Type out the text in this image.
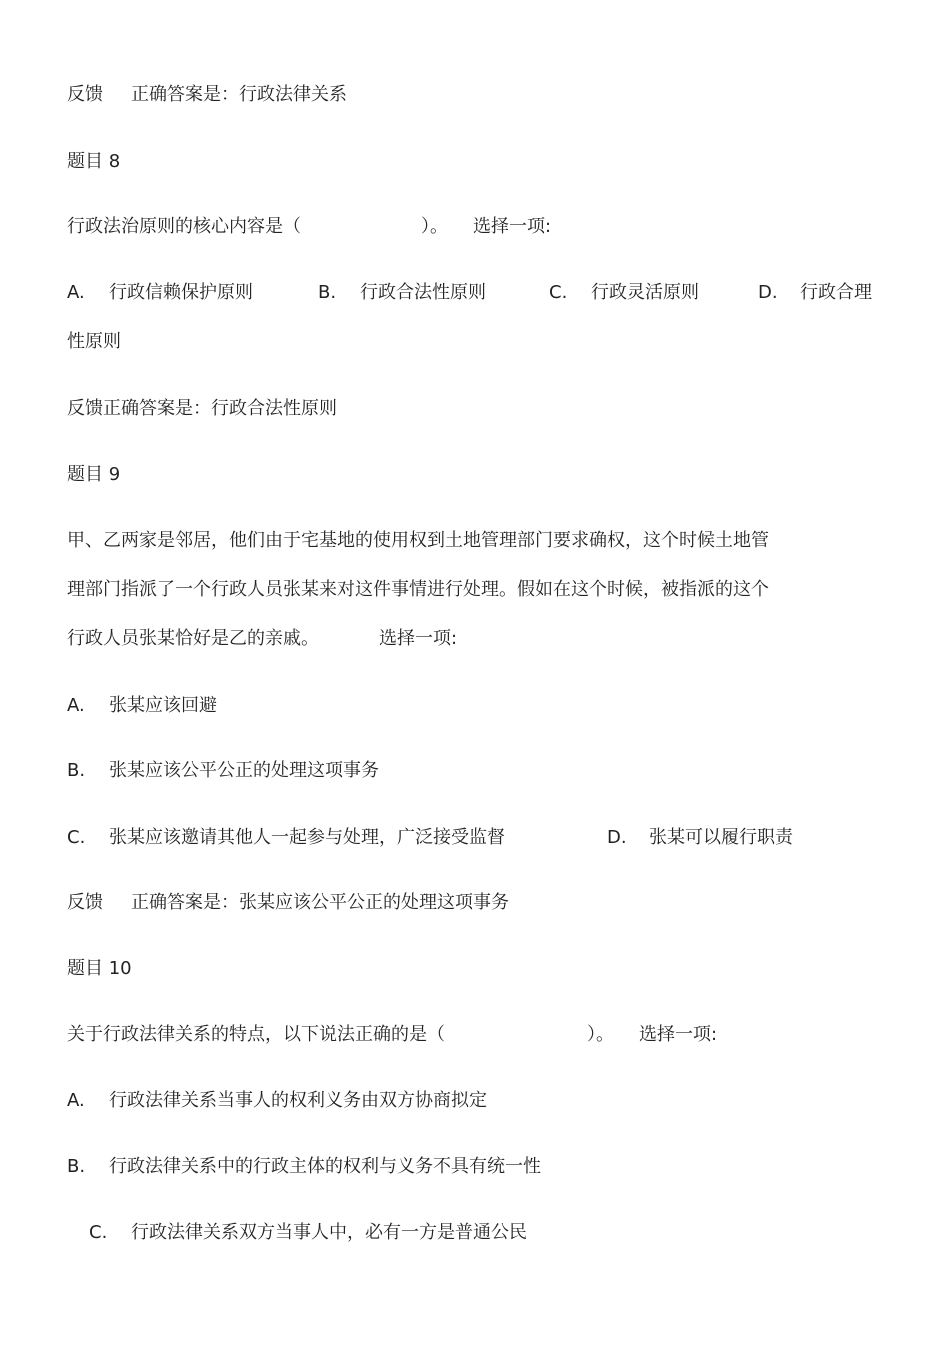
反馈 正确答案是：行政法律关系
题目 8
行政法治原则的核心内容是（	）。 选择一项:
A. 行政信赖保护原则	B. 行政合法性原则	C. 行政灵活原则	D. 行政合理
性原则
反馈正确答案是：行政合法性原则
题目 9
甲、乙两家是邻居，他们由于宅基地的使用权到土地管理部门要求确权，这个时候土地管
理部门指派了一个行政人员张某来对这件事情进行处理。假如在这个时候，被指派的这个
行政人员张某恰好是乙的亲戚。	选择一项:
A. 张某应该回避
B. 张某应该公平公正的处理这项事务
C. 张某应该邀请其他人一起参与处理，广泛接受监督	D. 张某可以履行职责
反馈 正确答案是：张某应该公平公正的处理这项事务
题目 10
关于行政法律关系的特点，以下说法正确的是（	）。 选择一项:
A. 行政法律关系当事人的权利义务由双方协商拟定
B. 行政法律关系中的行政主体的权利与义务不具有统一性
C. 行政法律关系双方当事人中，必有一方是普通公民
